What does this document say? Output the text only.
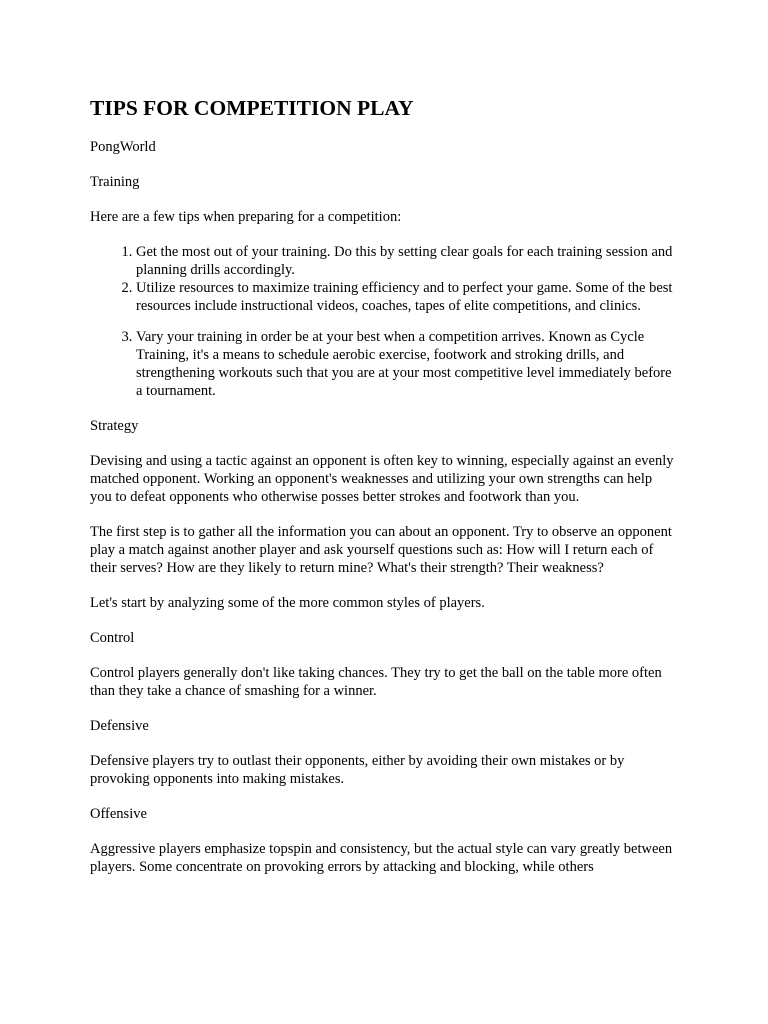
TIPS FOR COMPETITION PLAY

PongWorld

Training

Here are a few tips when preparing for a competition:

1. Get the most out of your training. Do this by setting clear goals for each training session and planning drills accordingly.
2. Utilize resources to maximize training efficiency and to perfect your game. Some of the best resources include instructional videos, coaches, tapes of elite competitions, and clinics.
3. Vary your training in order be at your best when a competition arrives. Known as Cycle Training, it's a means to schedule aerobic exercise, footwork and stroking drills, and strengthening workouts such that you are at your most competitive level immediately before a tournament.

Strategy

Devising and using a tactic against an opponent is often key to winning, especially against an evenly matched opponent. Working an opponent's weaknesses and utilizing your own strengths can help you to defeat opponents who otherwise posses better strokes and footwork than you.

The first step is to gather all the information you can about an opponent. Try to observe an opponent play a match against another player and ask yourself questions such as: How will I return each of their serves? How are they likely to return mine? What's their strength? Their weakness?

Let's start by analyzing some of the more common styles of players.

Control

Control players generally don't like taking chances. They try to get the ball on the table more often than they take a chance of smashing for a winner.

Defensive

Defensive players try to outlast their opponents, either by avoiding their own mistakes or by provoking opponents into making mistakes.

Offensive

Aggressive players emphasize topspin and consistency, but the actual style can vary greatly between players. Some concentrate on provoking errors by attacking and blocking, while others
